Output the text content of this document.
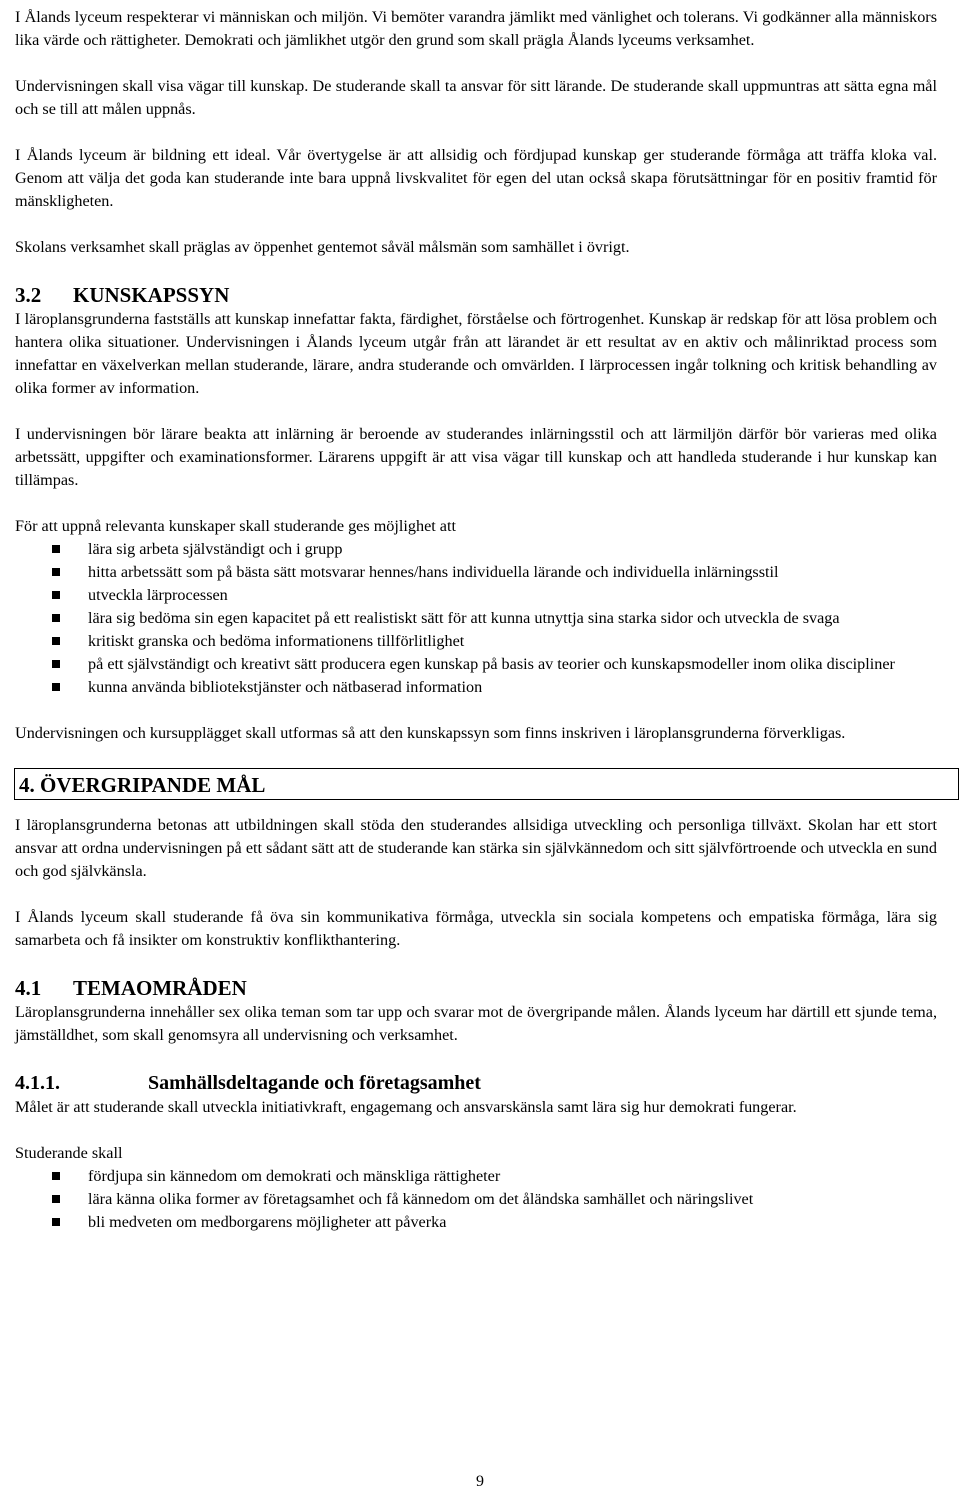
I Ålands lyceum respekterar vi människan och miljön. Vi bemöter varandra jämlikt med vänlighet och tolerans. Vi godkänner alla människors lika värde och rättigheter. Demokrati och jämlikhet utgör den grund som skall prägla Ålands lyceums verksamhet.

Undervisningen skall visa vägar till kunskap. De studerande skall ta ansvar för sitt lärande. De studerande skall uppmuntras att sätta egna mål och se till att målen uppnås.

I Ålands lyceum är bildning ett ideal. Vår övertygelse är att allsidig och fördjupad kunskap ger studerande förmåga att träffa kloka val. Genom att välja det goda kan studerande inte bara uppnå livskvalitet för egen del utan också skapa förutsättningar för en positiv framtid för mänskligheten.

Skolans verksamhet skall präglas av öppenhet gentemot såväl målsmän som samhället i övrigt.

3.2 KUNSKAPSSYN

I läroplansgrunderna fastställs att kunskap innefattar fakta, färdighet, förståelse och förtrogenhet. Kunskap är redskap för att lösa problem och hantera olika situationer. Undervisningen i Ålands lyceum utgår från att lärandet är ett resultat av en aktiv och målinriktad process som innefattar en växelverkan mellan studerande, lärare, andra studerande och omvärlden. I lärprocessen ingår tolkning och kritisk behandling av olika former av information.

I undervisningen bör lärare beakta att inlärning är beroende av studerandes inlärningsstil och att lärmiljön därför bör varieras med olika arbetssätt, uppgifter och examinationsformer. Lärarens uppgift är att visa vägar till kunskap och att handleda studerande i hur kunskap kan tillämpas.

För att uppnå relevanta kunskaper skall studerande ges möjlighet att

lära sig arbeta självständigt och i grupp
hitta arbetssätt som på bästa sätt motsvarar hennes/hans individuella lärande och individuella inlärningsstil
utveckla lärprocessen
lära sig bedöma sin egen kapacitet på ett realistiskt sätt för att kunna utnyttja sina starka sidor och utveckla de svaga
kritiskt granska och bedöma informationens tillförlitlighet
på ett självständigt och kreativt sätt producera egen kunskap på basis av teorier och kunskapsmodeller inom olika discipliner
kunna använda bibliotekstjänster och nätbaserad information

Undervisningen och kursupplägget skall utformas så att den kunskapssyn som finns inskriven i läroplansgrunderna förverkligas.

4. ÖVERGRIPANDE MÅL

I läroplansgrunderna betonas att utbildningen skall stöda den studerandes allsidiga utveckling och personliga tillväxt. Skolan har ett stort ansvar att ordna undervisningen på ett sådant sätt att de studerande kan stärka sin självkännedom och sitt självförtroende och utveckla en sund och god självkänsla.

I Ålands lyceum skall studerande få öva sin kommunikativa förmåga, utveckla sin sociala kompetens och empatiska förmåga, lära sig samarbeta och få insikter om konstruktiv konflikthantering.

4.1 TEMAOMRÅDEN

Läroplansgrunderna innehåller sex olika teman som tar upp och svarar mot de övergripande målen. Ålands lyceum har därtill ett sjunde tema, jämställdhet, som skall genomsyra all undervisning och verksamhet.

4.1.1.	Samhällsdeltagande och företagsamhet

Målet är att studerande skall utveckla initiativkraft, engagemang och ansvarskänsla samt lära sig hur demokrati fungerar.

Studerande skall

fördjupa sin kännedom om demokrati och mänskliga rättigheter
lära känna olika former av företagsamhet och få kännedom om det åländska samhället och näringslivet
bli medveten om medborgarens möjligheter att påverka
9
